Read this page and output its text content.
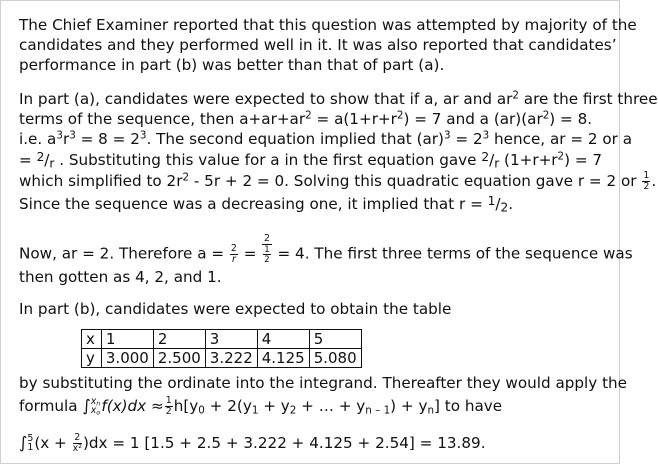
The Chief Examiner reported that this question was attempted by majority of the
candidates and they performed well in it. It was also reported that candidates’
performance in part (b) was better than that of part (a).
In part (a), candidates were expected to show that if a, ar and $ar^2$ are the first three
terms of the sequence, then $a+ar+ar^2 = a(1+r+r^2) = 7$ and a $(ar)(ar^2) = 8$.
i.e. $a^3r^3 = 8 = 2^3$. The second equation implied that $(ar)^3 = 2^3$ hence, ar = 2 or a
= $^2/_r$ . Substituting this value for a in the first equation gave $^2/_r$ $(1+r+r^2) = 7$
which simplified to $2r^2 - 5r + 2 = 0$. Solving this quadratic equation gave r = 2 or $\frac{1}{2}$ .
Since the sequence was a decreasing one, it implied that $r = ^1/_2$.
Now, ar = 2. Therefore $a = \frac{2}{r} = 2$
1
2 = 4. The first three terms of the sequence was
then gotten as 4, 2, and 1.
In part (b), candidates were expected to obtain the table
x	1	2	3	4	5
y	3.000	2.500	3.222	4.125	5.080
by substituting the ordinate into the integrand. Thereafter they would apply the
formula ∫ $x_n$
$x_o$ $f(x)dx \approx \frac{1}{2} h[y_0 + 2(y_1 + y_2$ + … + $y_{n - 1}) + y_n$] to have
∫ 5
1 $(x + \frac{2}{\text{x²}} )dx = 1$ [1.5 + 2.5 + 3.222 + 4.125 + 2.54] = 13.89.
